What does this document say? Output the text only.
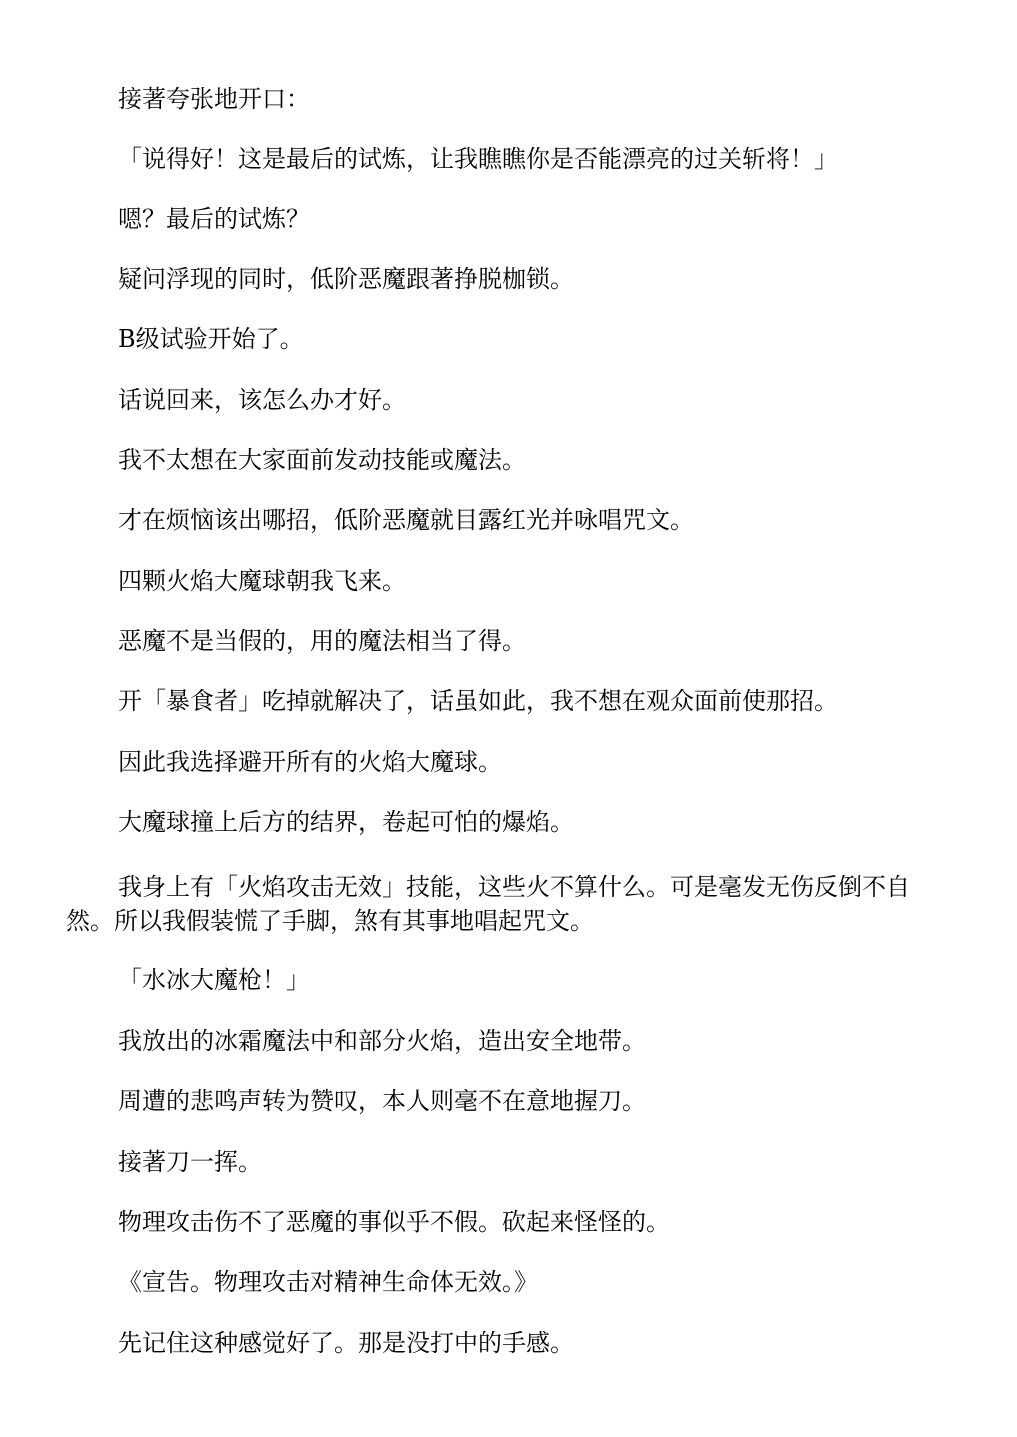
接著夸张地开口：

「说得好！这是最后的试炼，让我瞧瞧你是否能漂亮的过关斩将！」

嗯？最后的试炼？

疑问浮现的同时，低阶恶魔跟著挣脱枷锁。

B级试验开始了。

话说回来，该怎么办才好。

我不太想在大家面前发动技能或魔法。

才在烦恼该出哪招，低阶恶魔就目露红光并咏唱咒文。

四颗火焰大魔球朝我飞来。

恶魔不是当假的，用的魔法相当了得。

开「暴食者」吃掉就解决了，话虽如此，我不想在观众面前使那招。

因此我选择避开所有的火焰大魔球。

大魔球撞上后方的结界，卷起可怕的爆焰。

我身上有「火焰攻击无效」技能，这些火不算什么。可是毫发无伤反倒不自然。所以我假装慌了手脚，煞有其事地唱起咒文。

「水冰大魔枪！」

我放出的冰霜魔法中和部分火焰，造出安全地带。

周遭的悲鸣声转为赞叹，本人则毫不在意地握刀。

接著刀一挥。

物理攻击伤不了恶魔的事似乎不假。砍起来怪怪的。

《宣告。物理攻击对精神生命体无效。》

先记住这种感觉好了。那是没打中的手感。
